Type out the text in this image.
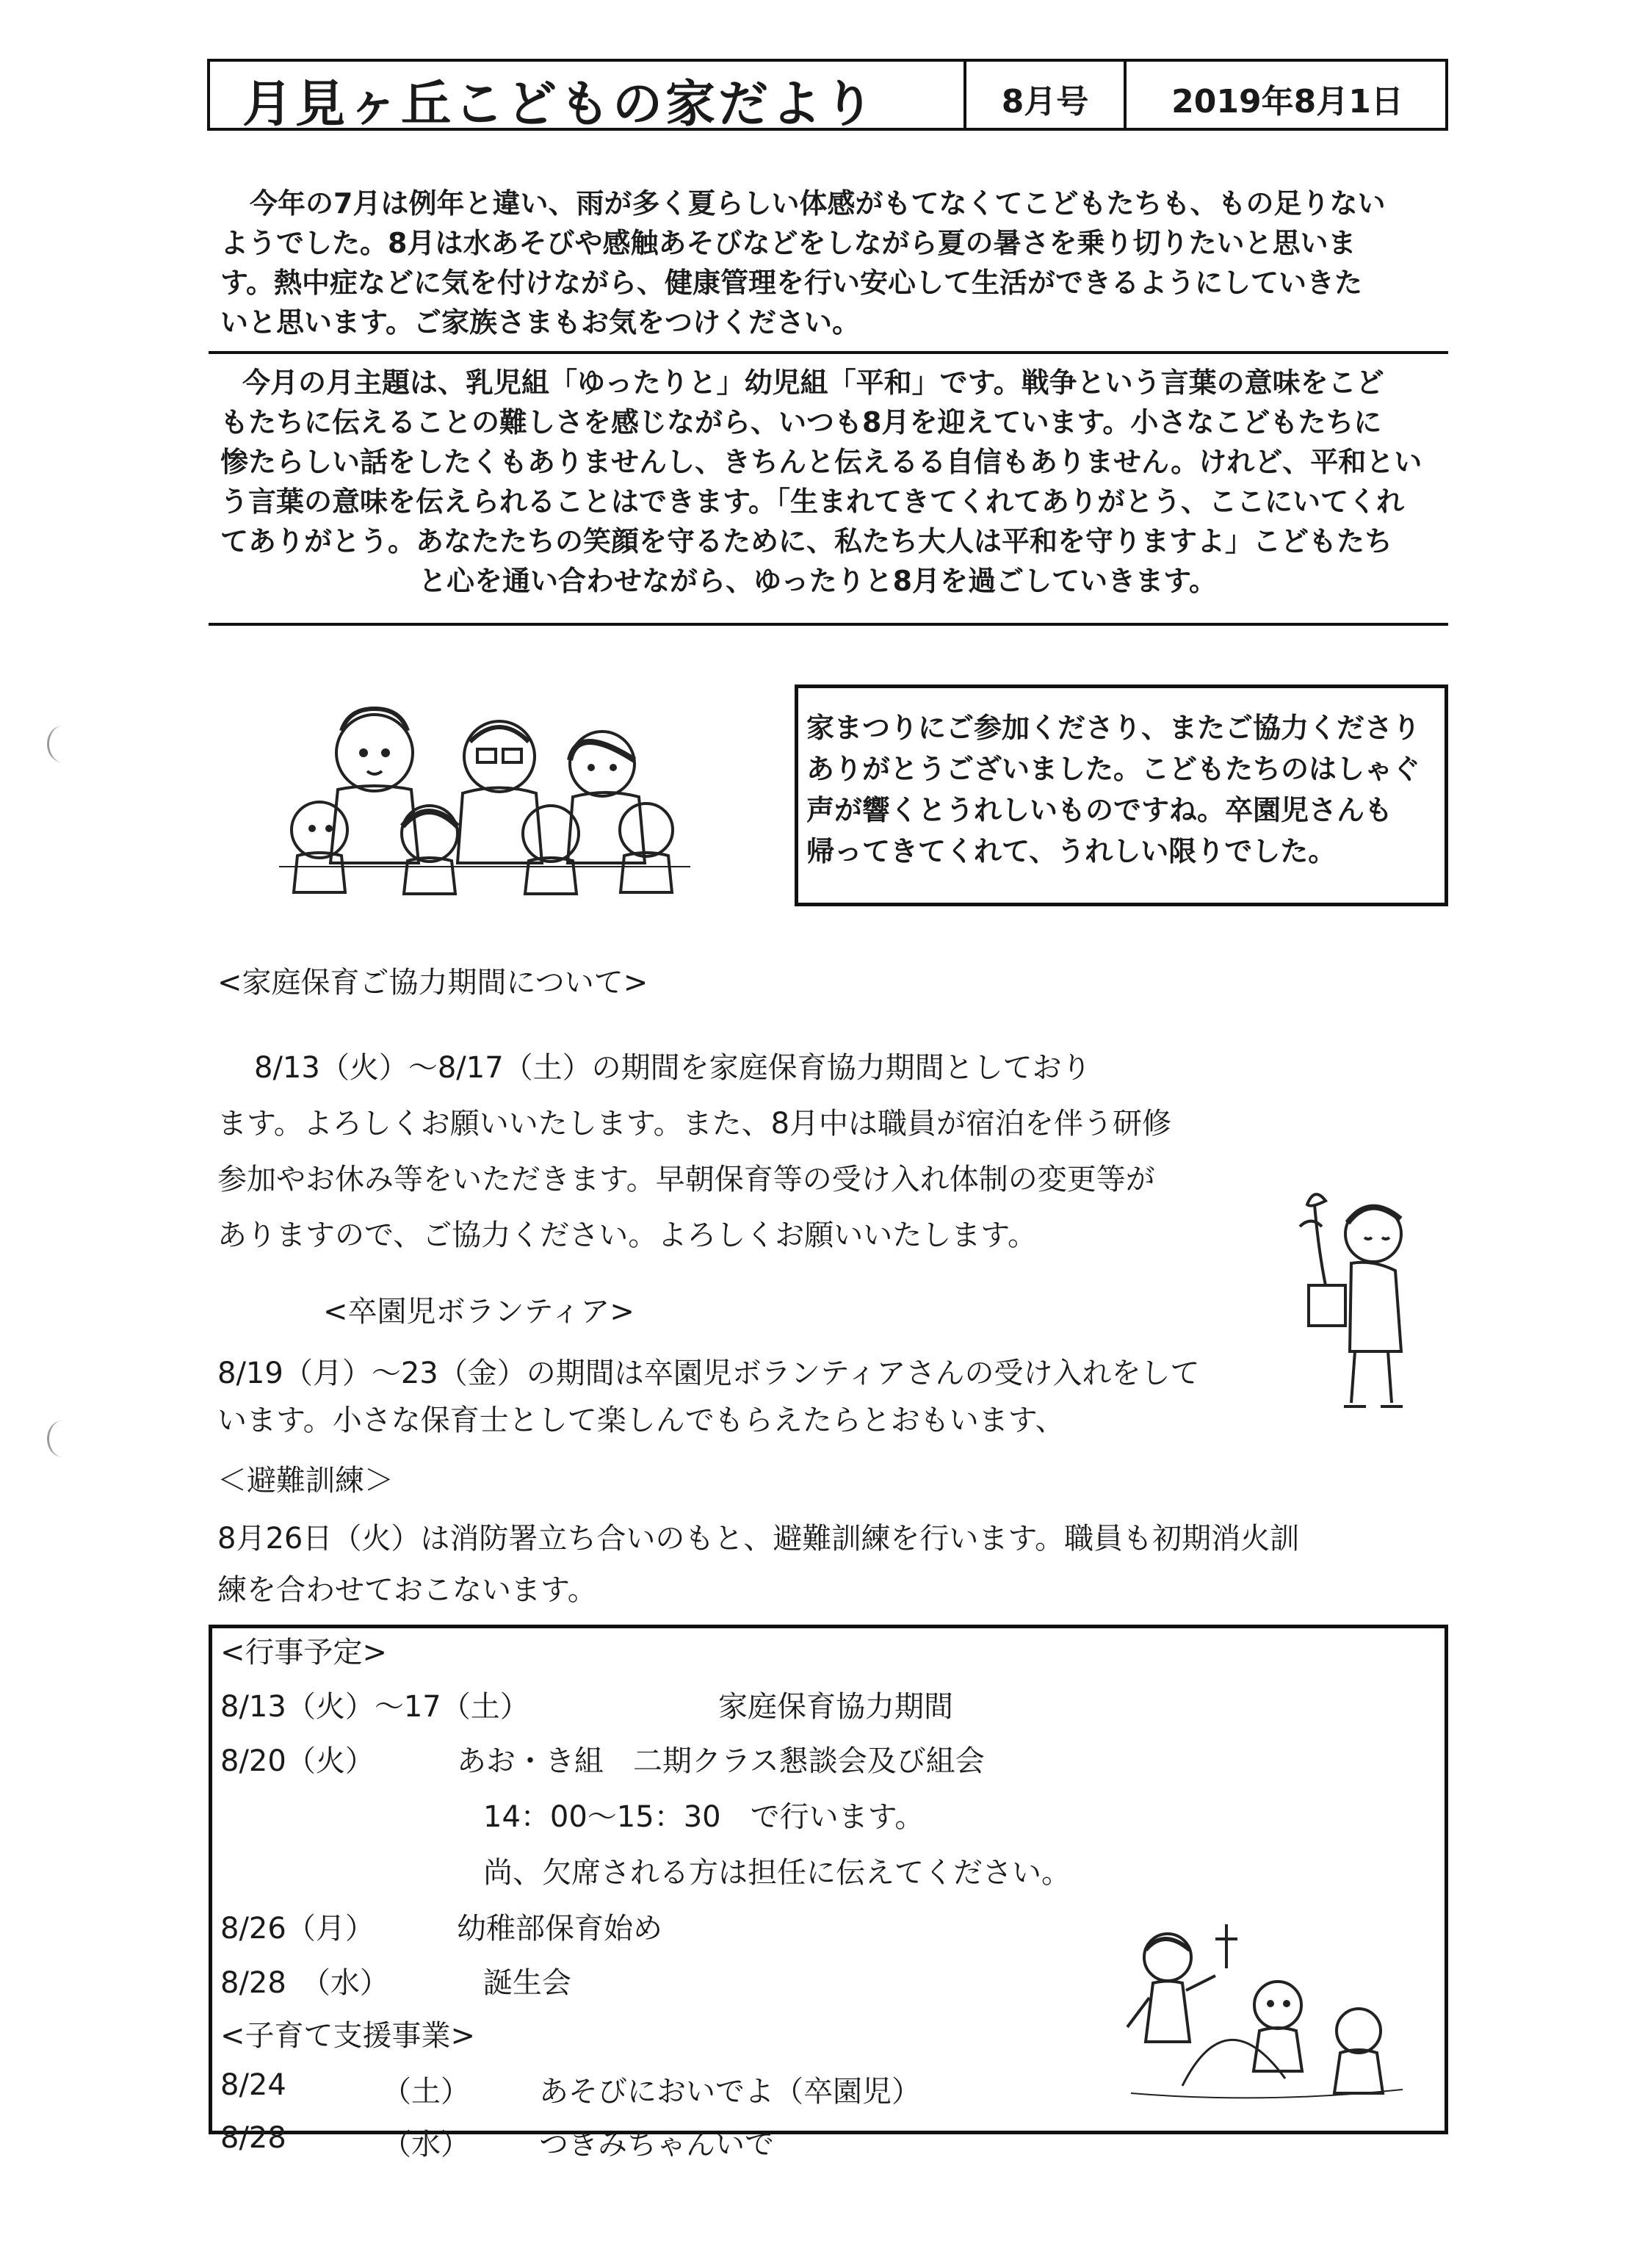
月見ヶ丘こどもの家だより	8月号	2019年8月1日
今年の7月は例年と違い、雨が多く夏らしい体感がもてなくてこどもたちも、もの足りない
ようでした。8月は水あそびや感触あそびなどをしながら夏の暑さを乗り切りたいと思いま
す。熱中症などに気を付けながら、健康管理を行い安心して生活ができるようにしていきた
いと思います。ご家族さまもお気をつけください。
今月の月主題は、乳児組「ゆったりと」幼児組「平和」です。戦争という言葉の意味をこど
もたちに伝えることの難しさを感じながら、いつも8月を迎えています。小さなこどもたちに
惨たらしい話をしたくもありませんし、きちんと伝えるる自信もありません。けれど、平和とい
う言葉の意味を伝えられることはできます。「生まれてきてくれてありがとう、ここにいてくれ
てありがとう。あなたたちの笑顔を守るために、私たち大人は平和を守りますよ」こどもたち
と心を通い合わせながら、ゆったりと8月を過ごしていきます。
家まつりにご参加くださり、またご協力くださり
ありがとうございました。こどもたちのはしゃぐ
声が響くとうれしいものですね。卒園児さんも
帰ってきてくれて、うれしい限りでした。
<家庭保育ご協力期間について>
8/13（火）～8/17（土）の期間を家庭保育協力期間としており
ます。よろしくお願いいたします。また、8月中は職員が宿泊を伴う研修
参加やお休み等をいただきます。早朝保育等の受け入れ体制の変更等が
ありますので、ご協力ください。よろしくお願いいたします。
<卒園児ボランティア>
8/19（月）～23（金）の期間は卒園児ボランティアさんの受け入れをして
います。小さな保育士として楽しんでもらえたらとおもいます、
＜避難訓練＞
8月26日（火）は消防署立ち合いのもと、避難訓練を行います。職員も初期消火訓
練を合わせておこないます。
<行事予定>
8/13（火）～17（土）	家庭保育協力期間
8/20（火）	あお・き組　二期クラス懇談会及び組会
14：00～15：30　で行います。
尚、欠席される方は担任に伝えてください。
8/26（月）	幼稚部保育始め
8/28　（水）	誕生会
<子育て支援事業>
8/24	（土） あそびにおいでよ（卒園児）
8/28	（水） つきみちゃんいで
